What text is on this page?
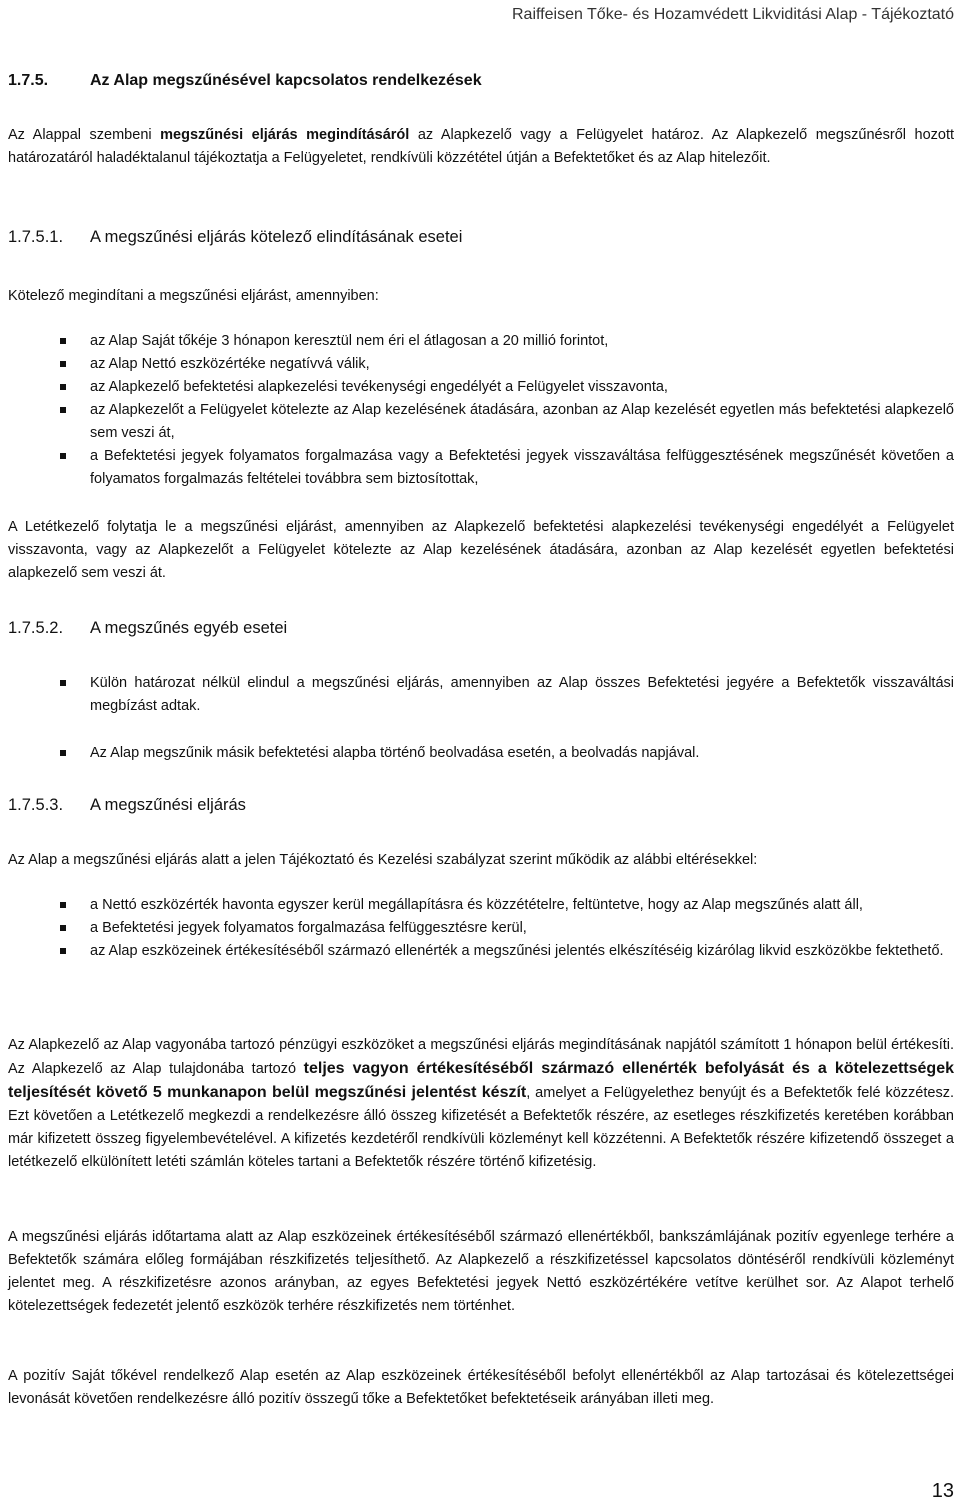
Raiffeisen Tőke- és Hozamvédett Likviditási Alap - Tájékoztató
1.7.5.	Az Alap megszűnésével kapcsolatos rendelkezések

Az Alappal szembeni megszűnési eljárás megindításáról az Alapkezelő vagy a Felügyelet határoz. Az Alapkezelő megszűnésről hozott határozatáról haladéktalanul tájékoztatja a Felügyeletet, rendkívüli közzététel útján a Befektetőket és az Alap hitelezőit.

1.7.5.1. A megszűnési eljárás kötelező elindításának esetei

Kötelező megindítani a megszűnési eljárást, amennyiben:

az Alap Saját tőkéje 3 hónapon keresztül nem éri el átlagosan a 20 millió forintot,
az Alap Nettó eszközértéke negatívvá válik,
az Alapkezelő befektetési alapkezelési tevékenységi engedélyét a Felügyelet visszavonta,
az Alapkezelőt a Felügyelet kötelezte az Alap kezelésének átadására, azonban az Alap kezelését egyetlen más befektetési alapkezelő sem veszi át,
a Befektetési jegyek folyamatos forgalmazása vagy a Befektetési jegyek visszaváltása felfüggesztésének megszűnését követően a folyamatos forgalmazás feltételei továbbra sem biztosítottak,

A Letétkezelő folytatja le a megszűnési eljárást, amennyiben az Alapkezelő befektetési alapkezelési tevékenységi engedélyét a Felügyelet visszavonta, vagy az Alapkezelőt a Felügyelet kötelezte az Alap kezelésének átadására, azonban az Alap kezelését egyetlen befektetési alapkezelő sem veszi át.

1.7.5.2. A megszűnés egyéb esetei
Külön határozat nélkül elindul a megszűnési eljárás, amennyiben az Alap összes Befektetési jegyére a Befektetők visszaváltási megbízást adtak.
Az Alap megszűnik másik befektetési alapba történő beolvadása esetén, a beolvadás napjával.
1.7.5.3. A megszűnési eljárás

Az Alap a megszűnési eljárás alatt a jelen Tájékoztató és Kezelési szabályzat szerint működik az alábbi eltérésekkel:

a Nettó eszközérték havonta egyszer kerül megállapításra és közzétételre, feltüntetve, hogy az Alap megszűnés alatt áll,
a Befektetési jegyek folyamatos forgalmazása felfüggesztésre kerül,
az Alap eszközeinek értékesítéséből származó ellenérték a megszűnési jelentés elkészítéséig kizárólag likvid eszközökbe fektethető.

Az Alapkezelő az Alap vagyonába tartozó pénzügyi eszközöket a megszűnési eljárás megindításának napjától számított 1 hónapon belül értékesíti. Az Alapkezelő az Alap tulajdonába tartozó teljes vagyon értékesítéséből származó ellenérték befolyását és a kötelezettségek teljesítését követő 5 munkanapon belül megszűnési jelentést készít, amelyet a Felügyelethez benyújt és a Befektetők felé közzétesz. Ezt követően a Letétkezelő megkezdi a rendelkezésre álló összeg kifizetését a Befektetők részére, az esetleges részkifizetés keretében korábban már kifizetett összeg figyelembevételével. A kifizetés kezdetéről rendkívüli közleményt kell közzétenni. A Befektetők részére kifizetendő összeget a letétkezelő elkülönített letéti számlán köteles tartani a Befektetők részére történő kifizetésig.

A megszűnési eljárás időtartama alatt az Alap eszközeinek értékesítéséből származó ellenértékből, bankszámlájának pozitív egyenlege terhére a Befektetők számára előleg formájában részkifizetés teljesíthető. Az Alapkezelő a részkifizetéssel kapcsolatos döntéséről rendkívüli közleményt jelentet meg. A részkifizetésre azonos arányban, az egyes Befektetési jegyek Nettó eszközértékére vetítve kerülhet sor. Az Alapot terhelő kötelezettségek fedezetét jelentő eszközök terhére részkifizetés nem történhet.

A pozitív Saját tőkével rendelkező Alap esetén az Alap eszközeinek értékesítéséből befolyt ellenértékből az Alap tartozásai és kötelezettségei levonását követően rendelkezésre álló pozitív összegű tőke a Befektetőket befektetéseik arányában illeti meg.

13
